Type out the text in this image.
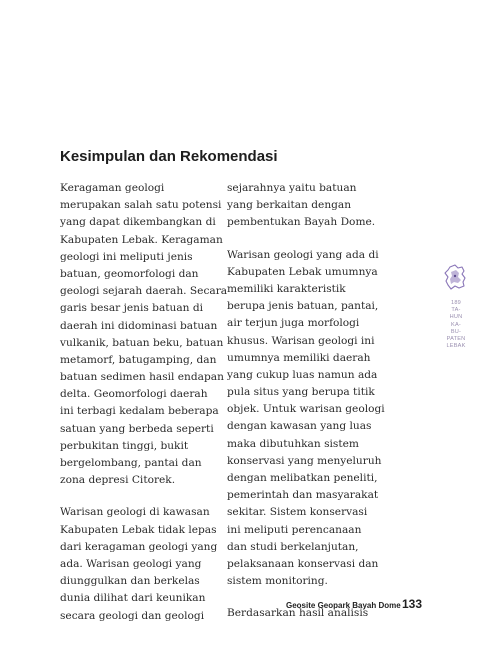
Kesimpulan dan Rekomendasi
Keragaman geologi
merupakan salah satu potensi
yang dapat dikembangkan di
Kabupaten Lebak. Keragaman
geologi ini meliputi jenis
batuan, geomorfologi dan
geologi sejarah daerah. Secara
garis besar jenis batuan di
daerah ini didominasi batuan
vulkanik, batuan beku, batuan
metamorf, batugamping, dan
batuan sedimen hasil endapan
delta. Geomorfologi daerah
ini terbagi kedalam beberapa
satuan yang berbeda seperti
perbukitan tinggi, bukit
bergelombang, pantai dan
zona depresi Citorek.
Warisan geologi di kawasan
Kabupaten Lebak tidak lepas
dari keragaman geologi yang
ada. Warisan geologi yang
diunggulkan dan berkelas
dunia dilihat dari keunikan
secara geologi dan geologi
sejarahnya yaitu batuan
yang berkaitan dengan
pembentukan Bayah Dome.
Warisan geologi yang ada di
Kabupaten Lebak umumnya
memiliki karakteristik
berupa jenis batuan, pantai,
air terjun juga morfologi
khusus. Warisan geologi ini
umumnya memiliki daerah
yang cukup luas namun ada
pula situs yang berupa titik
objek. Untuk warisan geologi
dengan kawasan yang luas
maka dibutuhkan sistem
konservasi yang menyeluruh
dengan melibatkan peneliti,
pemerintah dan masyarakat
sekitar. Sistem konservasi
ini meliputi perencanaan
dan studi berkelanjutan,
pelaksanaan konservasi dan
sistem monitoring.
Berdasarkan hasil analisis
189
TA-
HUN
KA-
BU-
PATEN
LEBAK
Geosite Geopark Bayah Dome 133
